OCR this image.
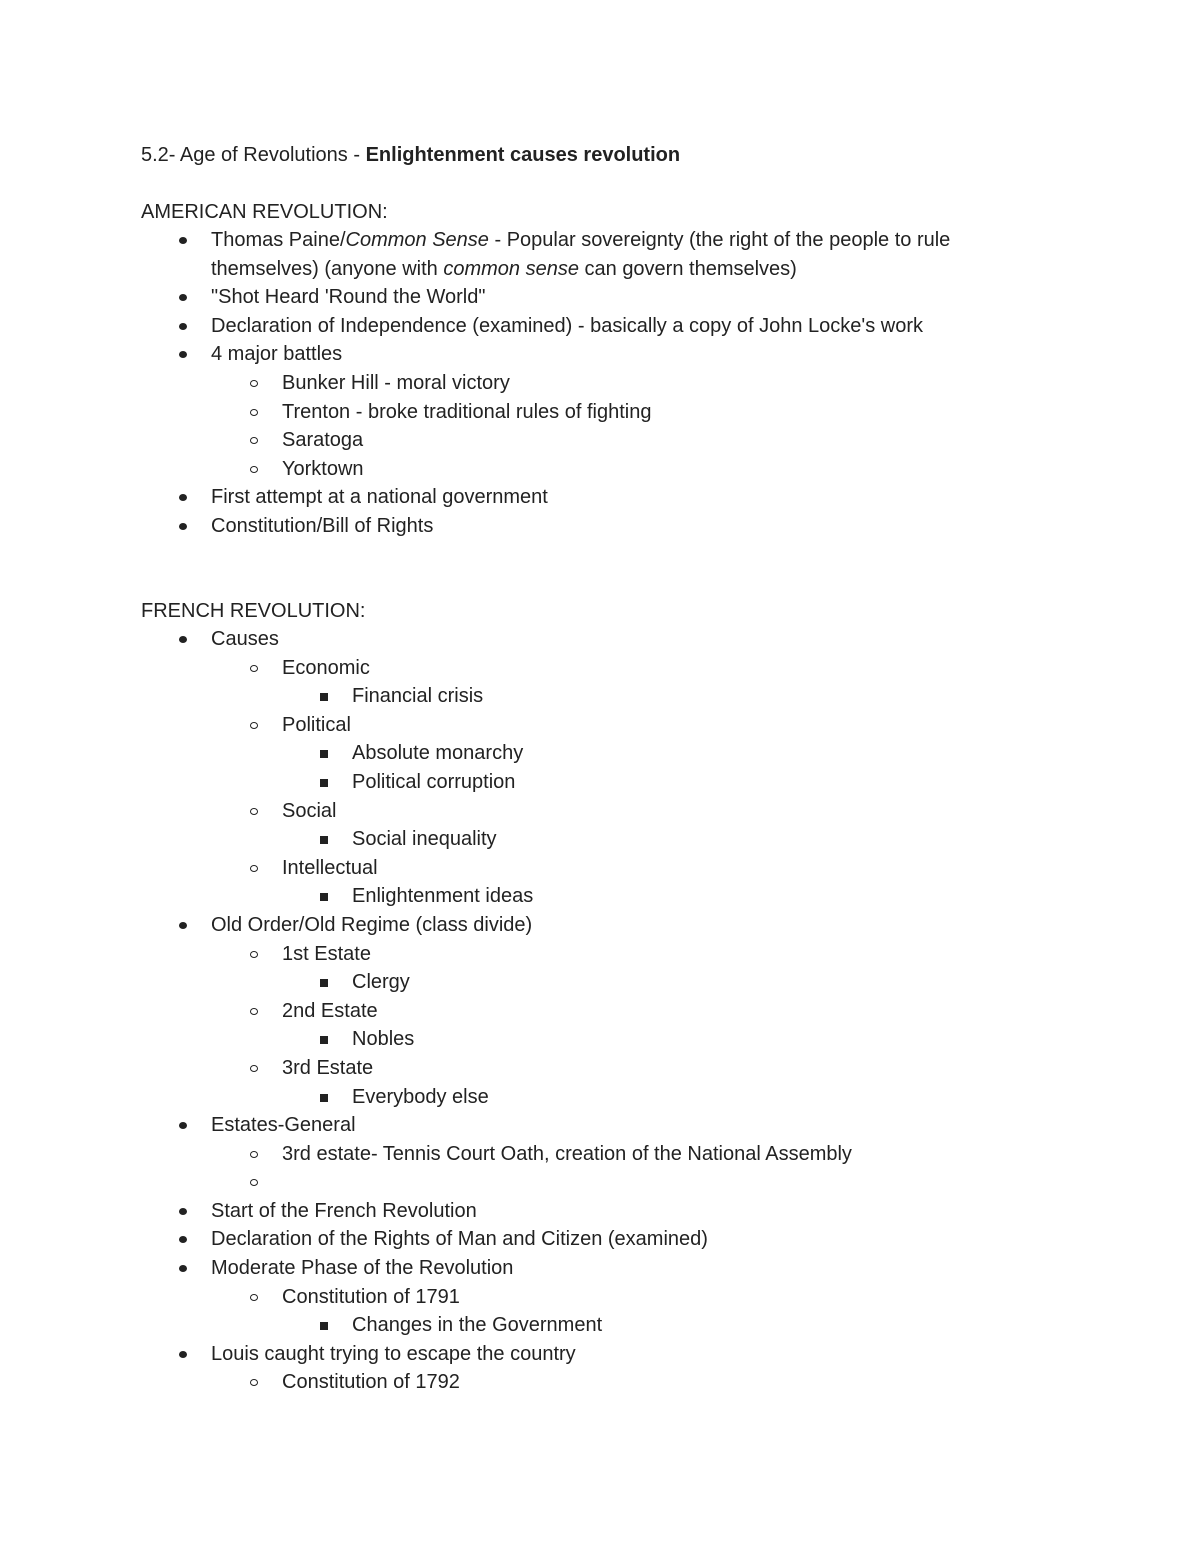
5.2- Age of Revolutions - Enlightenment causes revolution
AMERICAN REVOLUTION:
Thomas Paine/Common Sense - Popular sovereignty (the right of the people to rule themselves) (anyone with common sense can govern themselves)
"Shot Heard 'Round the World"
Declaration of Independence (examined) - basically a copy of John Locke's work
4 major battles
Bunker Hill - moral victory
Trenton - broke traditional rules of fighting
Saratoga
Yorktown
First attempt at a national government
Constitution/Bill of Rights
FRENCH REVOLUTION:
Causes
Economic
Financial crisis
Political
Absolute monarchy
Political corruption
Social
Social inequality
Intellectual
Enlightenment ideas
Old Order/Old Regime (class divide)
1st Estate
Clergy
2nd Estate
Nobles
3rd Estate
Everybody else
Estates-General
3rd estate- Tennis Court Oath, creation of the National Assembly
Start of the French Revolution
Declaration of the Rights of Man and Citizen (examined)
Moderate Phase of the Revolution
Constitution of 1791
Changes in the Government
Louis caught trying to escape the country
Constitution of 1792
